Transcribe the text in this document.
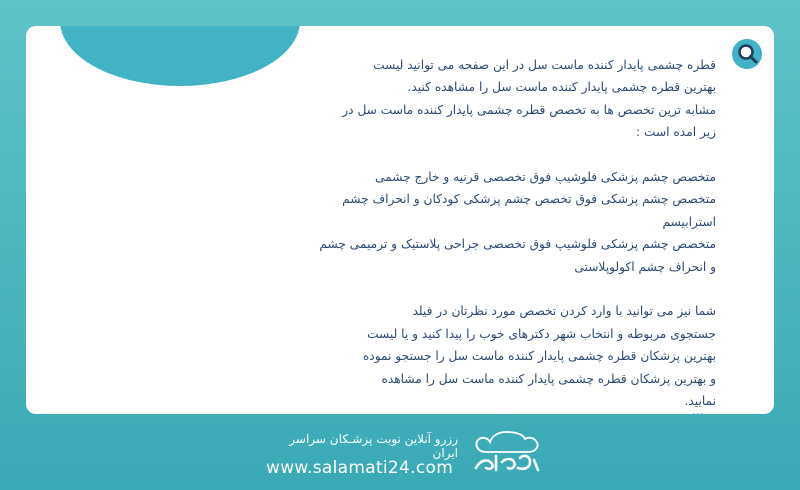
قطره چشمی پایدار کننده ماست سل در این صفحه می توانید لیست

بهترین قطره چشمی پایدار کننده ماست سل را مشاهده کنید.

مشابه ترین تخصص ها به تخصص قطره چشمی پایدار کننده ماست سل در

زیر امده است :

متخصص چشم پزشکی فلوشیپ فوق تخصصی قرنیه و خارج چشمی

متخصص چشم پزشکی فوق تخصص چشم پزشکی کودکان و انحراف چشم

استرابیسم

متخصص چشم پزشکی فلوشیپ فوق تخصصی جراحی پلاستیک و ترمیمی چشم

و انحراف چشم اکولوپلاستی

شما نیز می توانید با وارد کردن تخصص مورد نظرتان در فیلد

جستجوی مربوطه و انتخاب شهر دکترهای خوب را پیدا کنید و یا لیست

بهترین پزشکان قطره چشمی پایدار کننده ماست سل را جستجو نموده

و بهترین پزشکان قطره چشمی پایدار کننده ماست سل را مشاهده

نمایید.

...
رزرو آنلاین نوبت پزشـکان سراسر ایران
www.salamati24.com
